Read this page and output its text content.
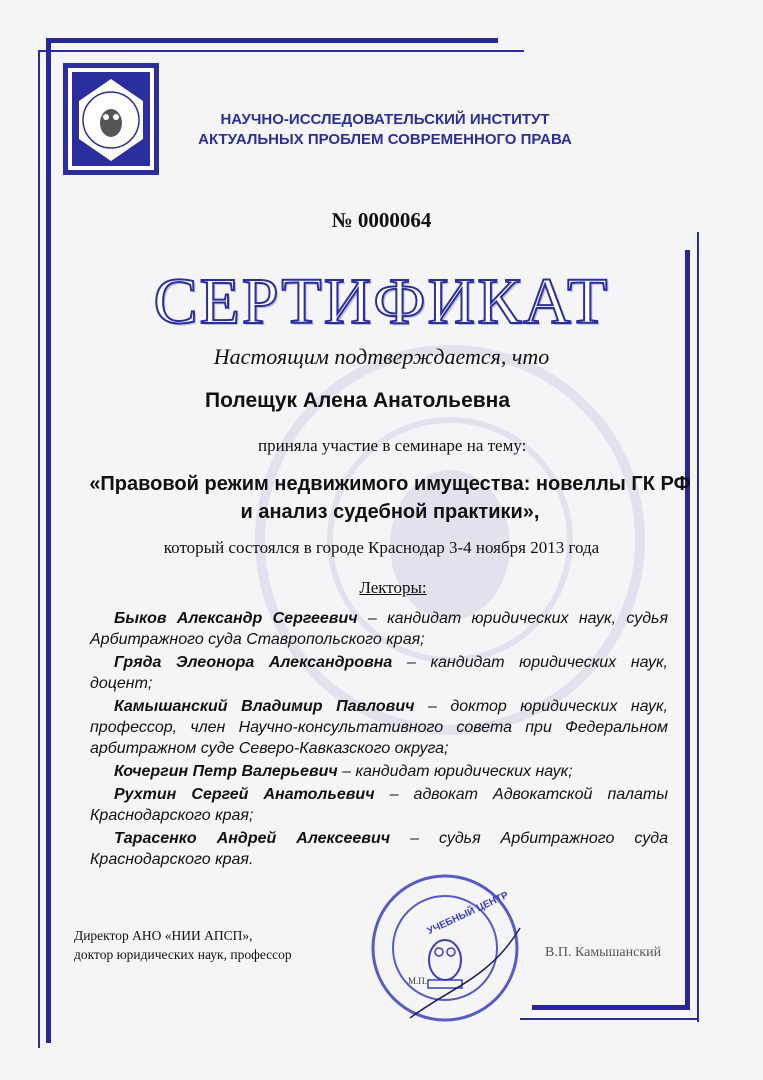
НАУЧНО-ИССЛЕДОВАТЕЛЬСКИЙ ИНСТИТУТ
АКТУАЛЬНЫХ ПРОБЛЕМ СОВРЕМЕННОГО ПРАВА
№ 0000064
СЕРТИФИКАТ
Настоящим подтверждается, что
Полещук Алена Анатольевна
приняла участие в семинаре на тему:
«Правовой режим недвижимого имущества: новеллы ГК РФ
и анализ судебной практики»,
который состоялся в городе Краснодар 3-4 ноября 2013 года
Лекторы:

Быков Александр Сергеевич – кандидат юридических наук, судья Арбитражного суда Ставропольского края;

Гряда Элеонора Александровна – кандидат юридических наук, доцент;

Камышанский Владимир Павлович – доктор юридических наук, профессор, член Научно-консультативного совета при Федеральном арбитражном суде Северо-Кавказского округа;

Кочергин Петр Валерьевич – кандидат юридических наук;

Рухтин Сергей Анатольевич – адвокат Адвокатской палаты Краснодарского края;

Тарасенко Андрей Алексеевич – судья Арбитражного суда Краснодарского края.

УЧЕБНЫЙ ЦЕНТР
Директор АНО «НИИ АПСП»,
доктор юридических наук, профессор
М.П.
В.П. Камышанский
